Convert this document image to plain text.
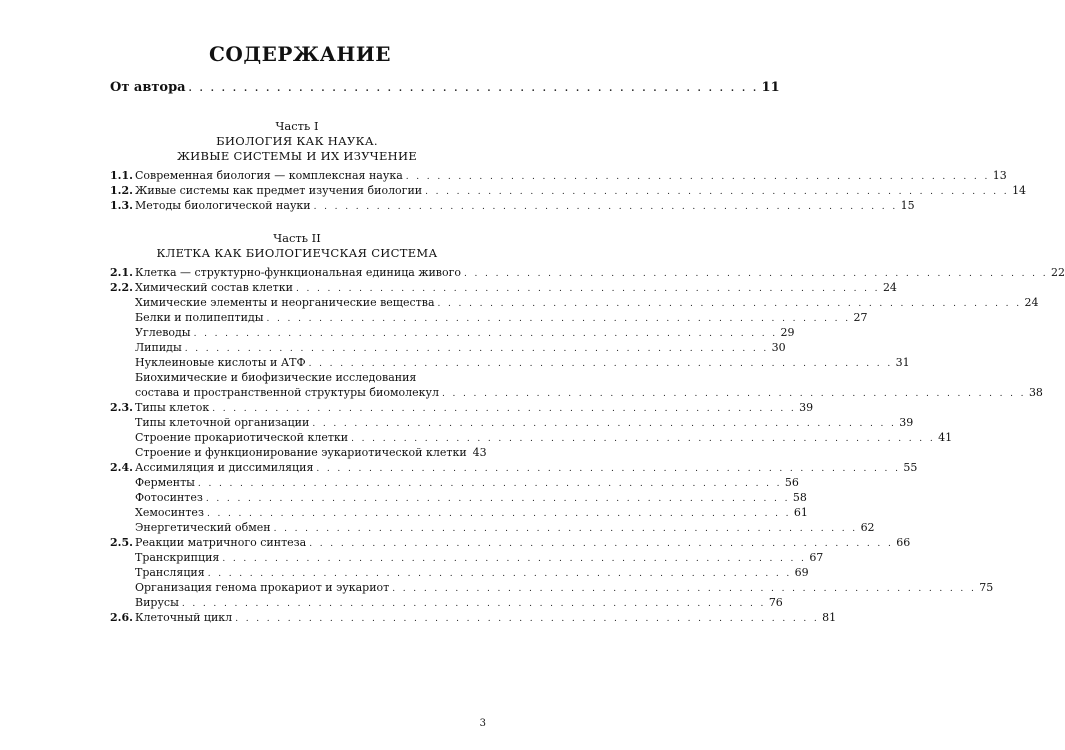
СОДЕРЖАНИЕ
От автора . . . . . . . . . . . . . . . . . . . . . . . . . . . . . . . . . . . . . . . . . . . . . . . . . . . . 11
Часть I
БИОЛОГИЯ КАК НАУКА.
ЖИВЫЕ СИСТЕМЫ И ИХ ИЗУЧЕНИЕ
1.1. Современная биология — комплексная наука . . . . . . . . . . . . . . . . . . . . . . . . . . . . . . . . . . . . . . . . . . . . . . . . . . . . . . . . 13
1.2. Живые системы как предмет изучения биологии . . . . . . . . . . . . . . . . . . . . . . . . . . . . . . . . . . . . . . . . . . . . . . . . . . . . . . . . 14
1.3. Методы биологической науки . . . . . . . . . . . . . . . . . . . . . . . . . . . . . . . . . . . . . . . . . . . . . . . . . . . . . . . . 15
Часть II
КЛЕТКА КАК БИОЛОГИЕЧСКАЯ СИСТЕМА
2.1. Клетка — структурно-функциональная единица живого . . . . . . . . . . . . . . . . . . . . . . . . . . . . . . . . . . . . . . . . . . . . . . . . . . . . . . . . 22
2.2. Химический состав клетки . . . . . . . . . . . . . . . . . . . . . . . . . . . . . . . . . . . . . . . . . . . . . . . . . . . . . . . . 24
Химические элементы и неорганические вещества . . . . . . . . . . . . . . . . . . . . . . . . . . . . . . . . . . . . . . . . . . . . . . . . . . . . . . . . 24
Белки и полипептиды . . . . . . . . . . . . . . . . . . . . . . . . . . . . . . . . . . . . . . . . . . . . . . . . . . . . . . . . 27
Углеводы . . . . . . . . . . . . . . . . . . . . . . . . . . . . . . . . . . . . . . . . . . . . . . . . . . . . . . . . 29
Липиды . . . . . . . . . . . . . . . . . . . . . . . . . . . . . . . . . . . . . . . . . . . . . . . . . . . . . . . . 30
Нуклеиновые кислоты и АТФ . . . . . . . . . . . . . . . . . . . . . . . . . . . . . . . . . . . . . . . . . . . . . . . . . . . . . . . . 31
Биохимические и биофизические исследования
состава и пространственной структуры биомолекул . . . . . . . . . . . . . . . . . . . . . . . . . . . . . . . . . . . . . . . . . . . . . . . . . . . . . . . . 38
2.3. Типы клеток . . . . . . . . . . . . . . . . . . . . . . . . . . . . . . . . . . . . . . . . . . . . . . . . . . . . . . . . 39
Типы клеточной организации . . . . . . . . . . . . . . . . . . . . . . . . . . . . . . . . . . . . . . . . . . . . . . . . . . . . . . . . 39
Строение прокариотической клетки . . . . . . . . . . . . . . . . . . . . . . . . . . . . . . . . . . . . . . . . . . . . . . . . . . . . . . . . 41
Строение и функционирование эукариотической клетки 43
2.4. Ассимиляция и диссимиляция . . . . . . . . . . . . . . . . . . . . . . . . . . . . . . . . . . . . . . . . . . . . . . . . . . . . . . . . 55
Ферменты . . . . . . . . . . . . . . . . . . . . . . . . . . . . . . . . . . . . . . . . . . . . . . . . . . . . . . . . 56
Фотосинтез . . . . . . . . . . . . . . . . . . . . . . . . . . . . . . . . . . . . . . . . . . . . . . . . . . . . . . . . 58
Хемосинтез . . . . . . . . . . . . . . . . . . . . . . . . . . . . . . . . . . . . . . . . . . . . . . . . . . . . . . . . 61
Энергетический обмен . . . . . . . . . . . . . . . . . . . . . . . . . . . . . . . . . . . . . . . . . . . . . . . . . . . . . . . . 62
2.5. Реакции матричного синтеза . . . . . . . . . . . . . . . . . . . . . . . . . . . . . . . . . . . . . . . . . . . . . . . . . . . . . . . . 66
Транскрипция . . . . . . . . . . . . . . . . . . . . . . . . . . . . . . . . . . . . . . . . . . . . . . . . . . . . . . . . 67
Трансляция . . . . . . . . . . . . . . . . . . . . . . . . . . . . . . . . . . . . . . . . . . . . . . . . . . . . . . . . 69
Организация генома прокариот и эукариот . . . . . . . . . . . . . . . . . . . . . . . . . . . . . . . . . . . . . . . . . . . . . . . . . . . . . . . . 75
Вирусы . . . . . . . . . . . . . . . . . . . . . . . . . . . . . . . . . . . . . . . . . . . . . . . . . . . . . . . . 76
2.6. Клеточный цикл . . . . . . . . . . . . . . . . . . . . . . . . . . . . . . . . . . . . . . . . . . . . . . . . . . . . . . . . 81
3
